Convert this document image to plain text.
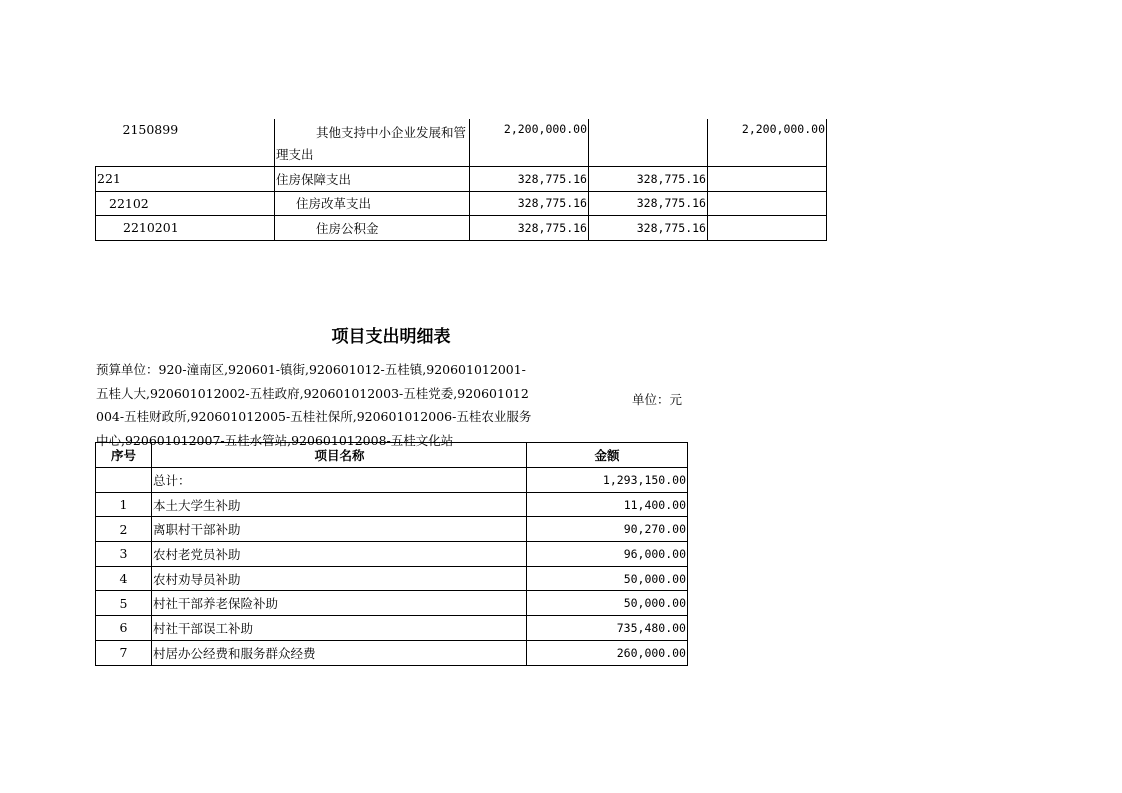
2150899	其他支持中小企业发展和管理支出	2,200,000.00		2,200,000.00
221	住房保障支出	328,775.16	328,775.16	
22102	住房改革支出	328,775.16	328,775.16	
2210201	住房公积金	328,775.16	328,775.16	
项目支出明细表
预算单位：920-潼南区,920601-镇街,920601012-五桂镇,920601012001-五桂人大,920601012002-五桂政府,920601012003-五桂党委,920601012004-五桂财政所,920601012005-五桂社保所,920601012006-五桂农业服务中心,920601012007-五桂水管站,920601012008-五桂文化站
单位：元
序号	项目名称	金额
	总计：	1,293,150.00
1	本土大学生补助	11,400.00
2	离职村干部补助	90,270.00
3	农村老党员补助	96,000.00
4	农村劝导员补助	50,000.00
5	村社干部养老保险补助	50,000.00
6	村社干部误工补助	735,480.00
7	村居办公经费和服务群众经费	260,000.00
